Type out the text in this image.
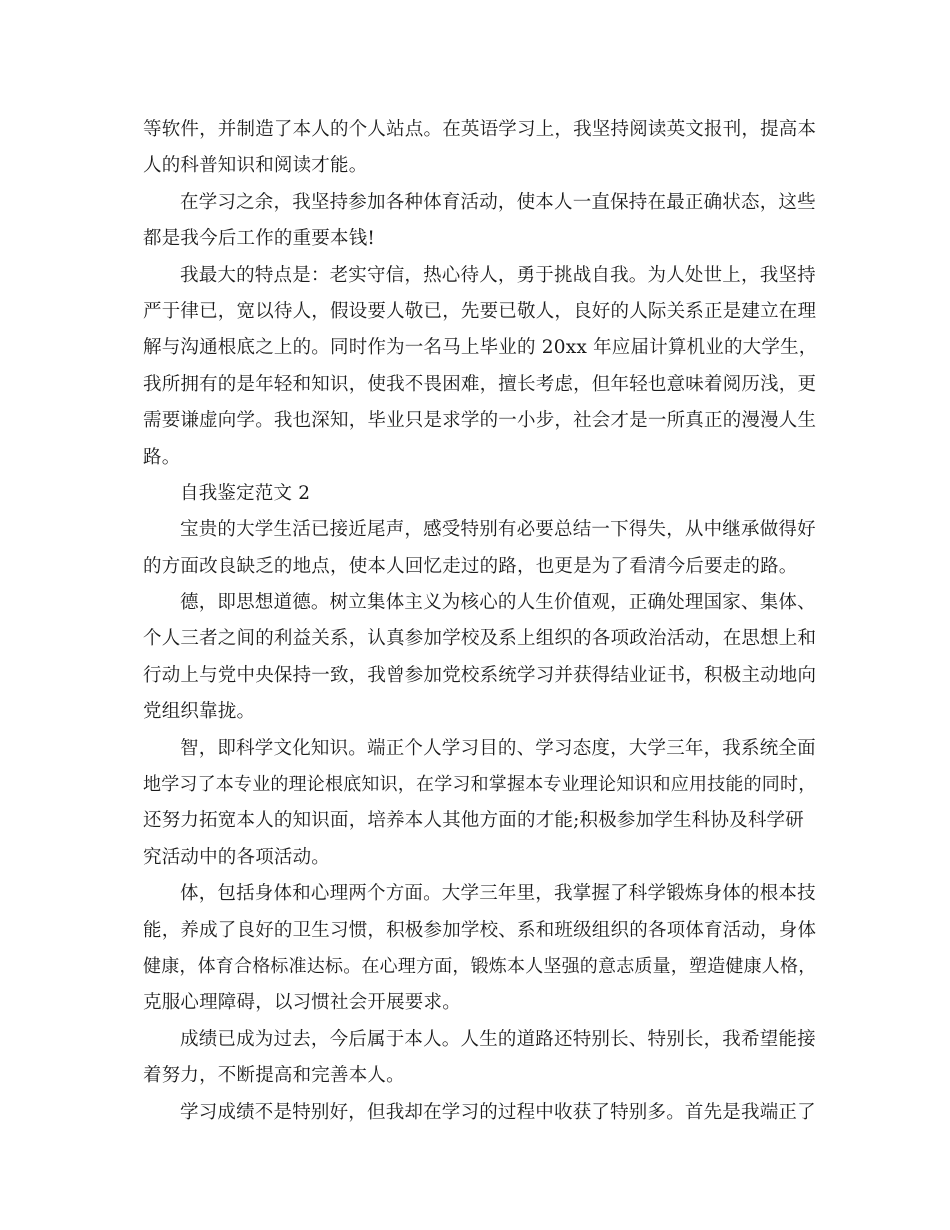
等软件，并制造了本人的个人站点。在英语学习上，我坚持阅读英文报刊，提高本
人的科普知识和阅读才能。
在学习之余，我坚持参加各种体育活动，使本人一直保持在最正确状态，这些
都是我今后工作的重要本钱!
我最大的特点是：老实守信，热心待人，勇于挑战自我。为人处世上，我坚持
严于律已，宽以待人，假设要人敬已，先要已敬人，良好的人际关系正是建立在理
解与沟通根底之上的。同时作为一名马上毕业的 20xx 年应届计算机业的大学生，
我所拥有的是年轻和知识，使我不畏困难，擅长考虑，但年轻也意味着阅历浅，更
需要谦虚向学。我也深知，毕业只是求学的一小步，社会才是一所真正的漫漫人生
路。
自我鉴定范文 2
宝贵的大学生活已接近尾声，感受特别有必要总结一下得失，从中继承做得好
的方面改良缺乏的地点，使本人回忆走过的路，也更是为了看清今后要走的路。
德，即思想道德。树立集体主义为核心的人生价值观，正确处理国家、集体、
个人三者之间的利益关系，认真参加学校及系上组织的各项政治活动，在思想上和
行动上与党中央保持一致，我曾参加党校系统学习并获得结业证书，积极主动地向
党组织靠拢。
智，即科学文化知识。端正个人学习目的、学习态度，大学三年，我系统全面
地学习了本专业的理论根底知识，在学习和掌握本专业理论知识和应用技能的同时，
还努力拓宽本人的知识面，培养本人其他方面的才能;积极参加学生科协及科学研
究活动中的各项活动。
体，包括身体和心理两个方面。大学三年里，我掌握了科学锻炼身体的根本技
能，养成了良好的卫生习惯，积极参加学校、系和班级组织的各项体育活动，身体
健康，体育合格标准达标。在心理方面，锻炼本人坚强的意志质量，塑造健康人格，
克服心理障碍，以习惯社会开展要求。
成绩已成为过去，今后属于本人。人生的道路还特别长、特别长，我希望能接
着努力，不断提高和完善本人。
学习成绩不是特别好，但我却在学习的过程中收获了特别多。首先是我端正了
